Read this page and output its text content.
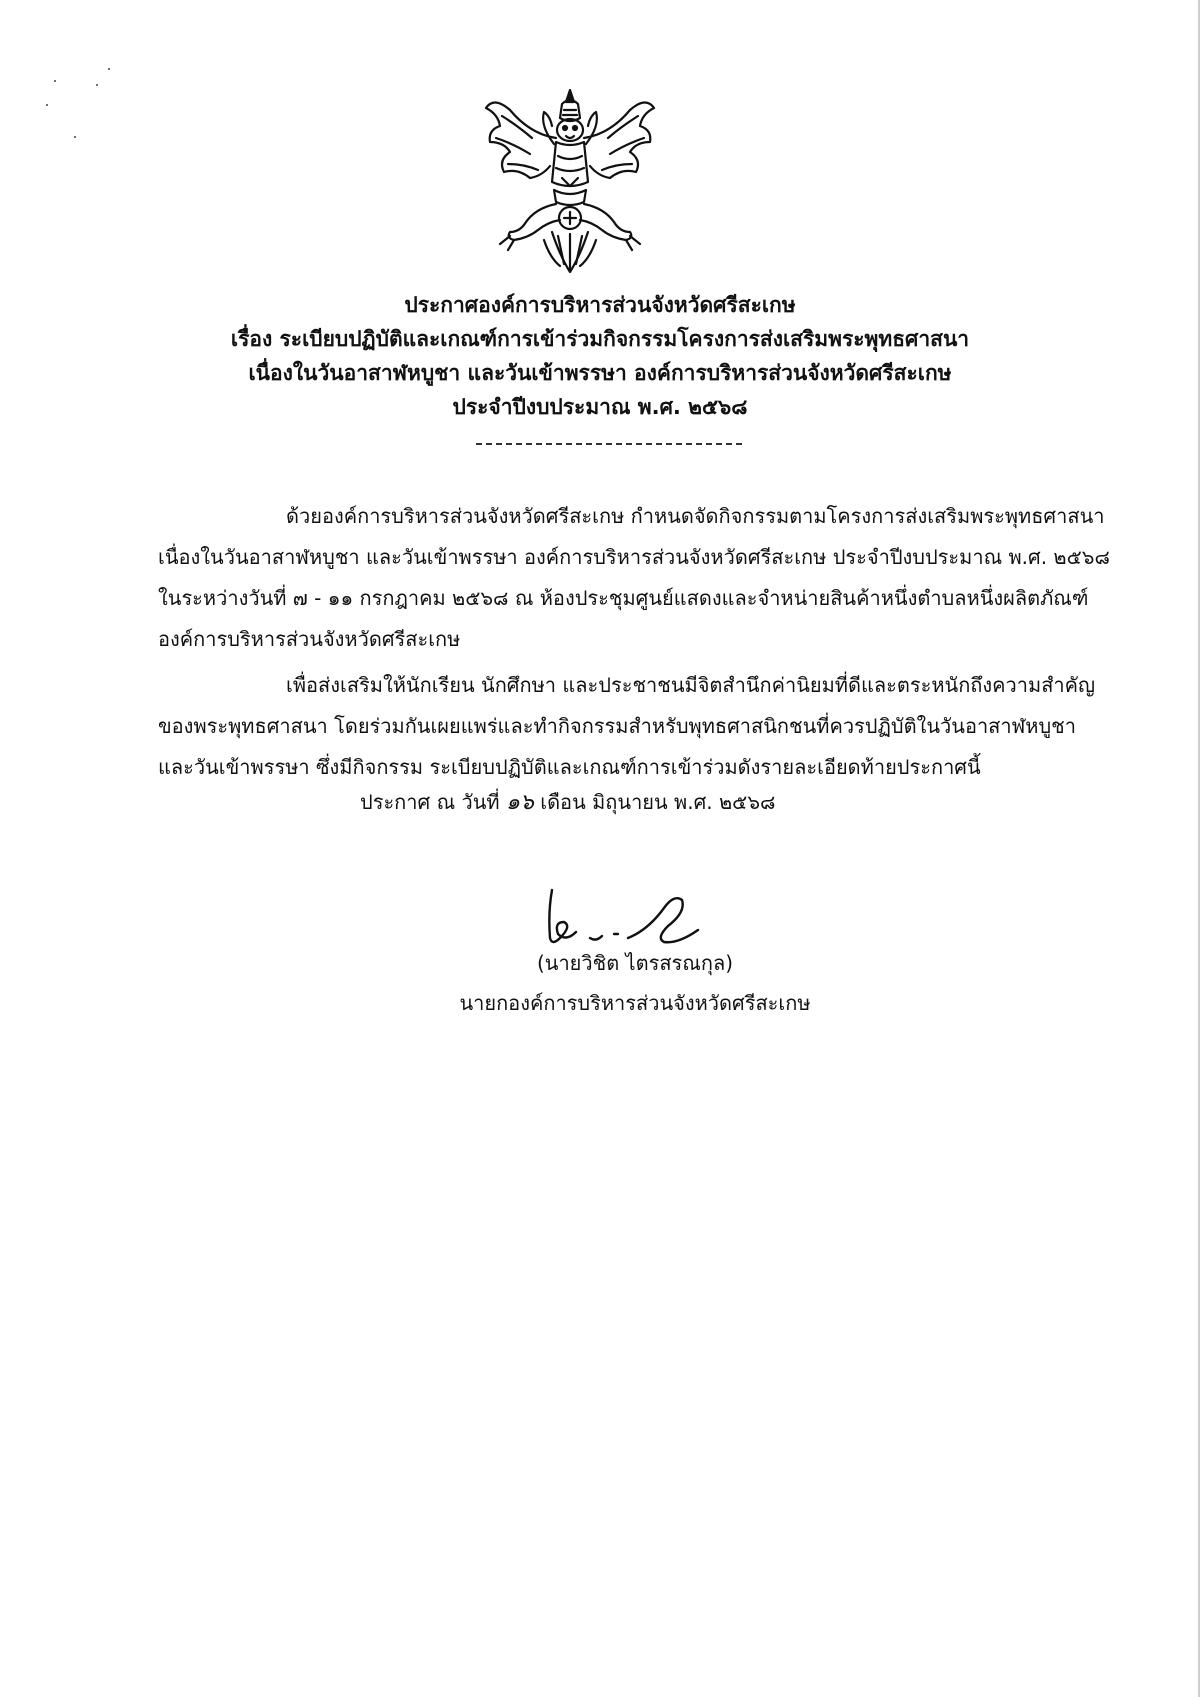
ประกาศองค์การบริหารส่วนจังหวัดศรีสะเกษ
เรื่อง ระเบียบปฏิบัติและเกณฑ์การเข้าร่วมกิจกรรมโครงการส่งเสริมพระพุทธศาสนา
เนื่องในวันอาสาฬหบูชา และวันเข้าพรรษา องค์การบริหารส่วนจังหวัดศรีสะเกษ
ประจำปีงบประมาณ พ.ศ. ๒๕๖๘
ด้วยองค์การบริหารส่วนจังหวัดศรีสะเกษ กำหนดจัดกิจกรรมตามโครงการส่งเสริมพระพุทธศาสนา
เนื่องในวันอาสาฬหบูชา และวันเข้าพรรษา องค์การบริหารส่วนจังหวัดศรีสะเกษ ประจำปีงบประมาณ พ.ศ. ๒๕๖๘
ในระหว่างวันที่ ๗ - ๑๑ กรกฎาคม ๒๕๖๘ ณ ห้องประชุมศูนย์แสดงและจำหน่ายสินค้าหนึ่งตำบลหนึ่งผลิตภัณฑ์
องค์การบริหารส่วนจังหวัดศรีสะเกษ
เพื่อส่งเสริมให้นักเรียน นักศึกษา และประชาชนมีจิตสำนึกค่านิยมที่ดีและตระหนักถึงความสำคัญ
ของพระพุทธศาสนา โดยร่วมกันเผยแพร่และทำกิจกรรมสำหรับพุทธศาสนิกชนที่ควรปฏิบัติในวันอาสาฬหบูชา
และวันเข้าพรรษา ซึ่งมีกิจกรรม ระเบียบปฏิบัติและเกณฑ์การเข้าร่วมดังรายละเอียดท้ายประกาศนี้
ประกาศ ณ วันที่ ๑๖ เดือน มิถุนายน พ.ศ. ๒๕๖๘
(นายวิชิต ไตรสรณกุล)
นายกองค์การบริหารส่วนจังหวัดศรีสะเกษ
